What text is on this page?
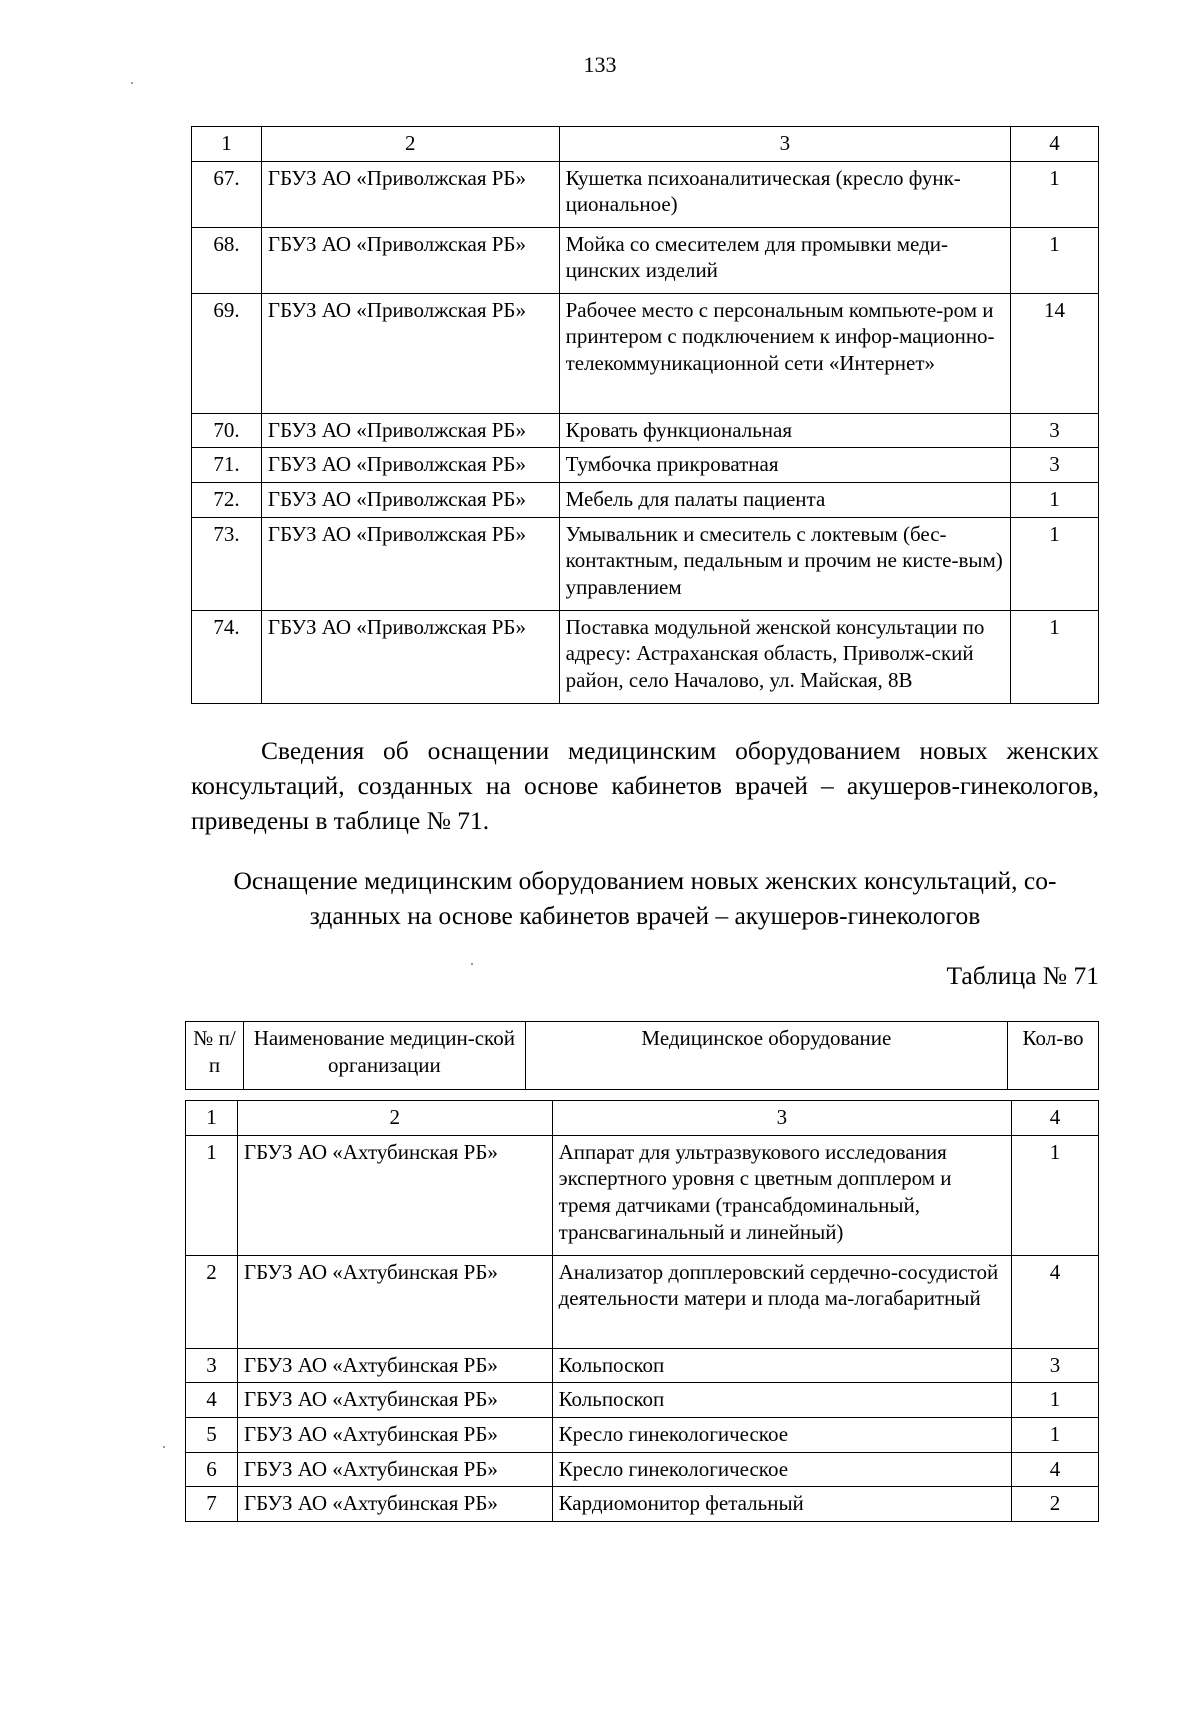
133
1	2	3	4
67.	ГБУЗ АО «Приволжская РБ»	Кушетка психоаналитическая (кресло функ-циональное)	1
68.	ГБУЗ АО «Приволжская РБ»	Мойка со смесителем для промывки меди-цинских изделий	1
69.	ГБУЗ АО «Приволжская РБ»	Рабочее место с персональным компьюте-ром и принтером с подключением к инфор-мационно-телекоммуникационной сети «Интернет»	14
70.	ГБУЗ АО «Приволжская РБ»	Кровать функциональная	3
71.	ГБУЗ АО «Приволжская РБ»	Тумбочка прикроватная	3
72.	ГБУЗ АО «Приволжская РБ»	Мебель для палаты пациента	1
73.	ГБУЗ АО «Приволжская РБ»	Умывальник и смеситель с локтевым (бес-контактным, педальным и прочим не кисте-вым) управлением	1
74.	ГБУЗ АО «Приволжская РБ»	Поставка модульной женской консультации по адресу: Астраханская область, Приволж-ский район, село Началово, ул. Майская, 8В	1
Сведения об оснащении медицинским оборудованием новых женских консультаций, созданных на основе кабинетов врачей – акушеров-гинекологов, приведены в таблице № 71.
Оснащение медицинским оборудованием новых женских консультаций, со-зданных на основе кабинетов врачей – акушеров-гинекологов
Таблица № 71
№ п/п	Наименование медицин-ской организации	Медицинское оборудование	Кол-во
1	2	3	4
1	ГБУЗ АО «Ахтубинская РБ»	Аппарат для ультразвукового исследования экспертного уровня с цветным допплером и тремя датчиками (трансабдоминальный, трансвагинальный и линейный)	1
2	ГБУЗ АО «Ахтубинская РБ»	Анализатор допплеровский сердечно-сосудистой деятельности матери и плода ма-логабаритный	4
3	ГБУЗ АО «Ахтубинская РБ»	Кольпоскоп	3
4	ГБУЗ АО «Ахтубинская РБ»	Кольпоскоп	1
5	ГБУЗ АО «Ахтубинская РБ»	Кресло гинекологическое	1
6	ГБУЗ АО «Ахтубинская РБ»	Кресло гинекологическое	4
7	ГБУЗ АО «Ахтубинская РБ»	Кардиомонитор фетальный	2
